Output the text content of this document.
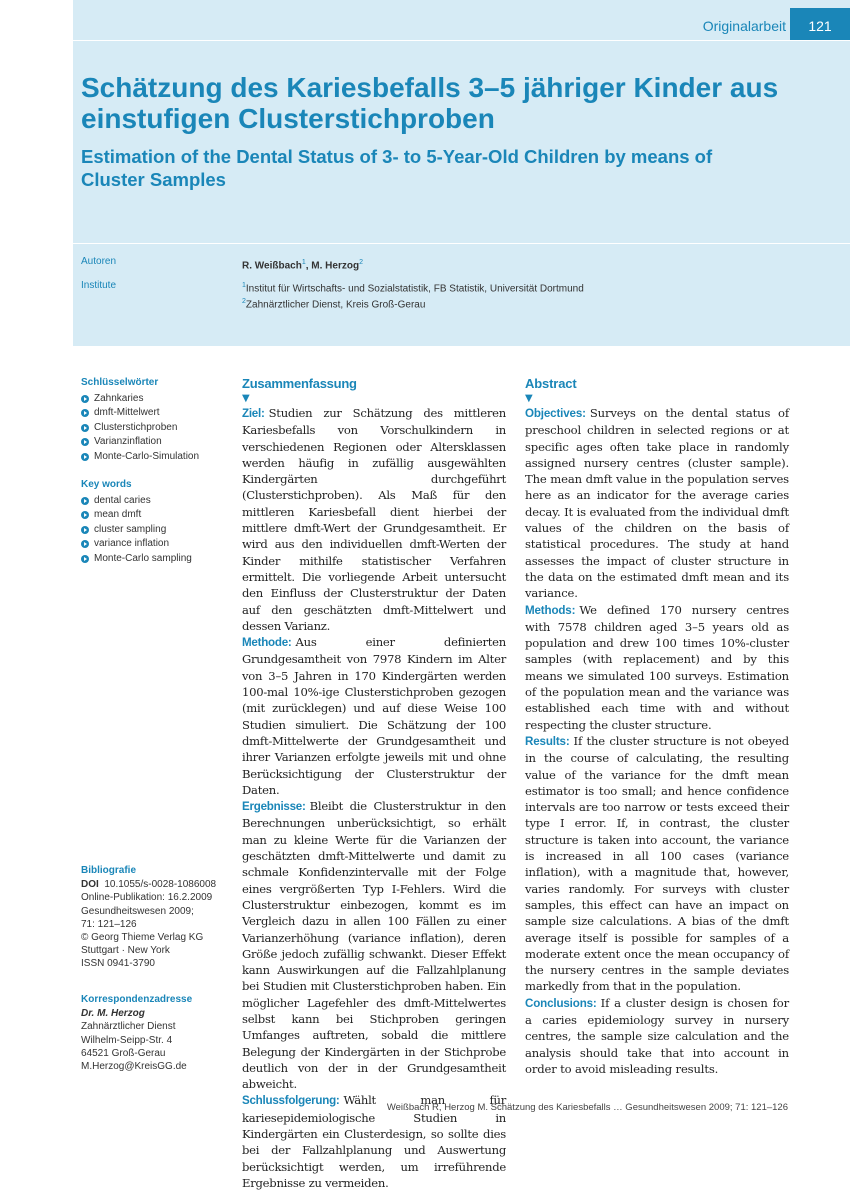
Originalarbeit	121
Schätzung des Kariesbefalls 3–5 jähriger Kinder aus einstufigen Clusterstichproben
Estimation of the Dental Status of 3- to 5-Year-Old Children by means of Cluster Samples
Autoren	R. Weißbach$^1$, M. Herzog$^2$
Institute	$^1$Institut für Wirtschafts- und Sozialstatistik, FB Statistik, Universität Dortmund
$^2$Zahnärztlicher Dienst, Kreis Groß-Gerau
Schlüsselwörter
Zahnkaries
dmft-Mittelwert
Clusterstichproben
Varianzinflation
Monte-Carlo-Simulation
Key words
dental caries
mean dmft
cluster sampling
variance inflation
Monte-Carlo sampling
Bibliografie
DOI 10.1055/s-0028-1086008
Online-Publikation: 16.2.2009
Gesundheitswesen 2009;
71: 121–126
© Georg Thieme Verlag KG
Stuttgart · New York
ISSN 0941-3790
Korrespondenzadresse
Dr. M. Herzog
Zahnärztlicher Dienst
Wilhelm-Seipp-Str. 4
64521 Groß-Gerau
M.Herzog@KreisGG.de
Zusammenfassung
▼

Ziel: Studien zur Schätzung des mittleren Kariesbefalls von Vorschulkindern in verschiedenen Regionen oder Altersklassen werden häufig in zufällig ausgewählten Kindergärten durchgeführt (Clusterstichproben). Als Maß für den mittleren Kariesbefall dient hierbei der mittlere dmft-Wert der Grundgesamtheit. Er wird aus den individuellen dmft-Werten der Kinder mithilfe statistischer Verfahren ermittelt. Die vorliegende Arbeit untersucht den Einfluss der Clusterstruktur der Daten auf den geschätzten dmft-Mittelwert und dessen Varianz.

Methode: Aus einer definierten Grundgesamtheit von 7978 Kindern im Alter von 3–5 Jahren in 170 Kindergärten werden 100-mal 10%-ige Clusterstichproben gezogen (mit zurücklegen) und auf diese Weise 100 Studien simuliert. Die Schätzung der 100 dmft-Mittelwerte der Grundgesamtheit und ihrer Varianzen erfolgte jeweils mit und ohne Berücksichtigung der Clusterstruktur der Daten.

Ergebnisse: Bleibt die Clusterstruktur in den Berechnungen unberücksichtigt, so erhält man zu kleine Werte für die Varianzen der geschätzten dmft-Mittelwerte und damit zu schmale Konfidenzintervalle mit der Folge eines vergrößerten Typ I-Fehlers. Wird die Clusterstruktur einbezogen, kommt es im Vergleich dazu in allen 100 Fällen zu einer Varianzerhöhung (variance inflation), deren Größe jedoch zufällig schwankt. Dieser Effekt kann Auswirkungen auf die Fallzahlplanung bei Studien mit Clusterstichproben haben. Ein möglicher Lagefehler des dmft-Mittelwertes selbst kann bei Stichproben geringen Umfanges auftreten, sobald die mittlere Belegung der Kindergärten in der Stichprobe deutlich von der in der Grundgesamtheit abweicht.

Schlussfolgerung: Wählt man für kariesepidemiologische Studien in Kindergärten ein Clusterdesign, so sollte dies bei der Fallzahlplanung und Auswertung berücksichtigt werden, um irreführende Ergebnisse zu vermeiden.

Abstract
▼

Objectives: Surveys on the dental status of preschool children in selected regions or at specific ages often take place in randomly assigned nursery centres (cluster sample). The mean dmft value in the population serves here as an indicator for the average caries decay. It is evaluated from the individual dmft values of the children on the basis of statistical procedures. The study at hand assesses the impact of cluster structure in the data on the estimated dmft mean and its variance.

Methods: We defined 170 nursery centres with 7578 children aged 3–5 years old as population and drew 100 times 10%-cluster samples (with replacement) and by this means we simulated 100 surveys. Estimation of the population mean and the variance was established each time with and without respecting the cluster structure.

Results: If the cluster structure is not obeyed in the course of calculating, the resulting value of the variance for the dmft mean estimator is too small; and hence confidence intervals are too narrow or tests exceed their type I error. If, in contrast, the cluster structure is taken into account, the variance is increased in all 100 cases (variance inflation), with a magnitude that, however, varies randomly. For surveys with cluster samples, this effect can have an impact on sample size calculations. A bias of the dmft average itself is possible for samples of a moderate extent once the mean occupancy of the nursery centres in the sample deviates markedly from that in the population.

Conclusions: If a cluster design is chosen for a caries epidemiology survey in nursery centres, the sample size calculation and the analysis should take that into account in order to avoid misleading results.

Weißbach R, Herzog M. Schätzung des Kariesbefalls … Gesundheitswesen 2009; 71: 121–126
